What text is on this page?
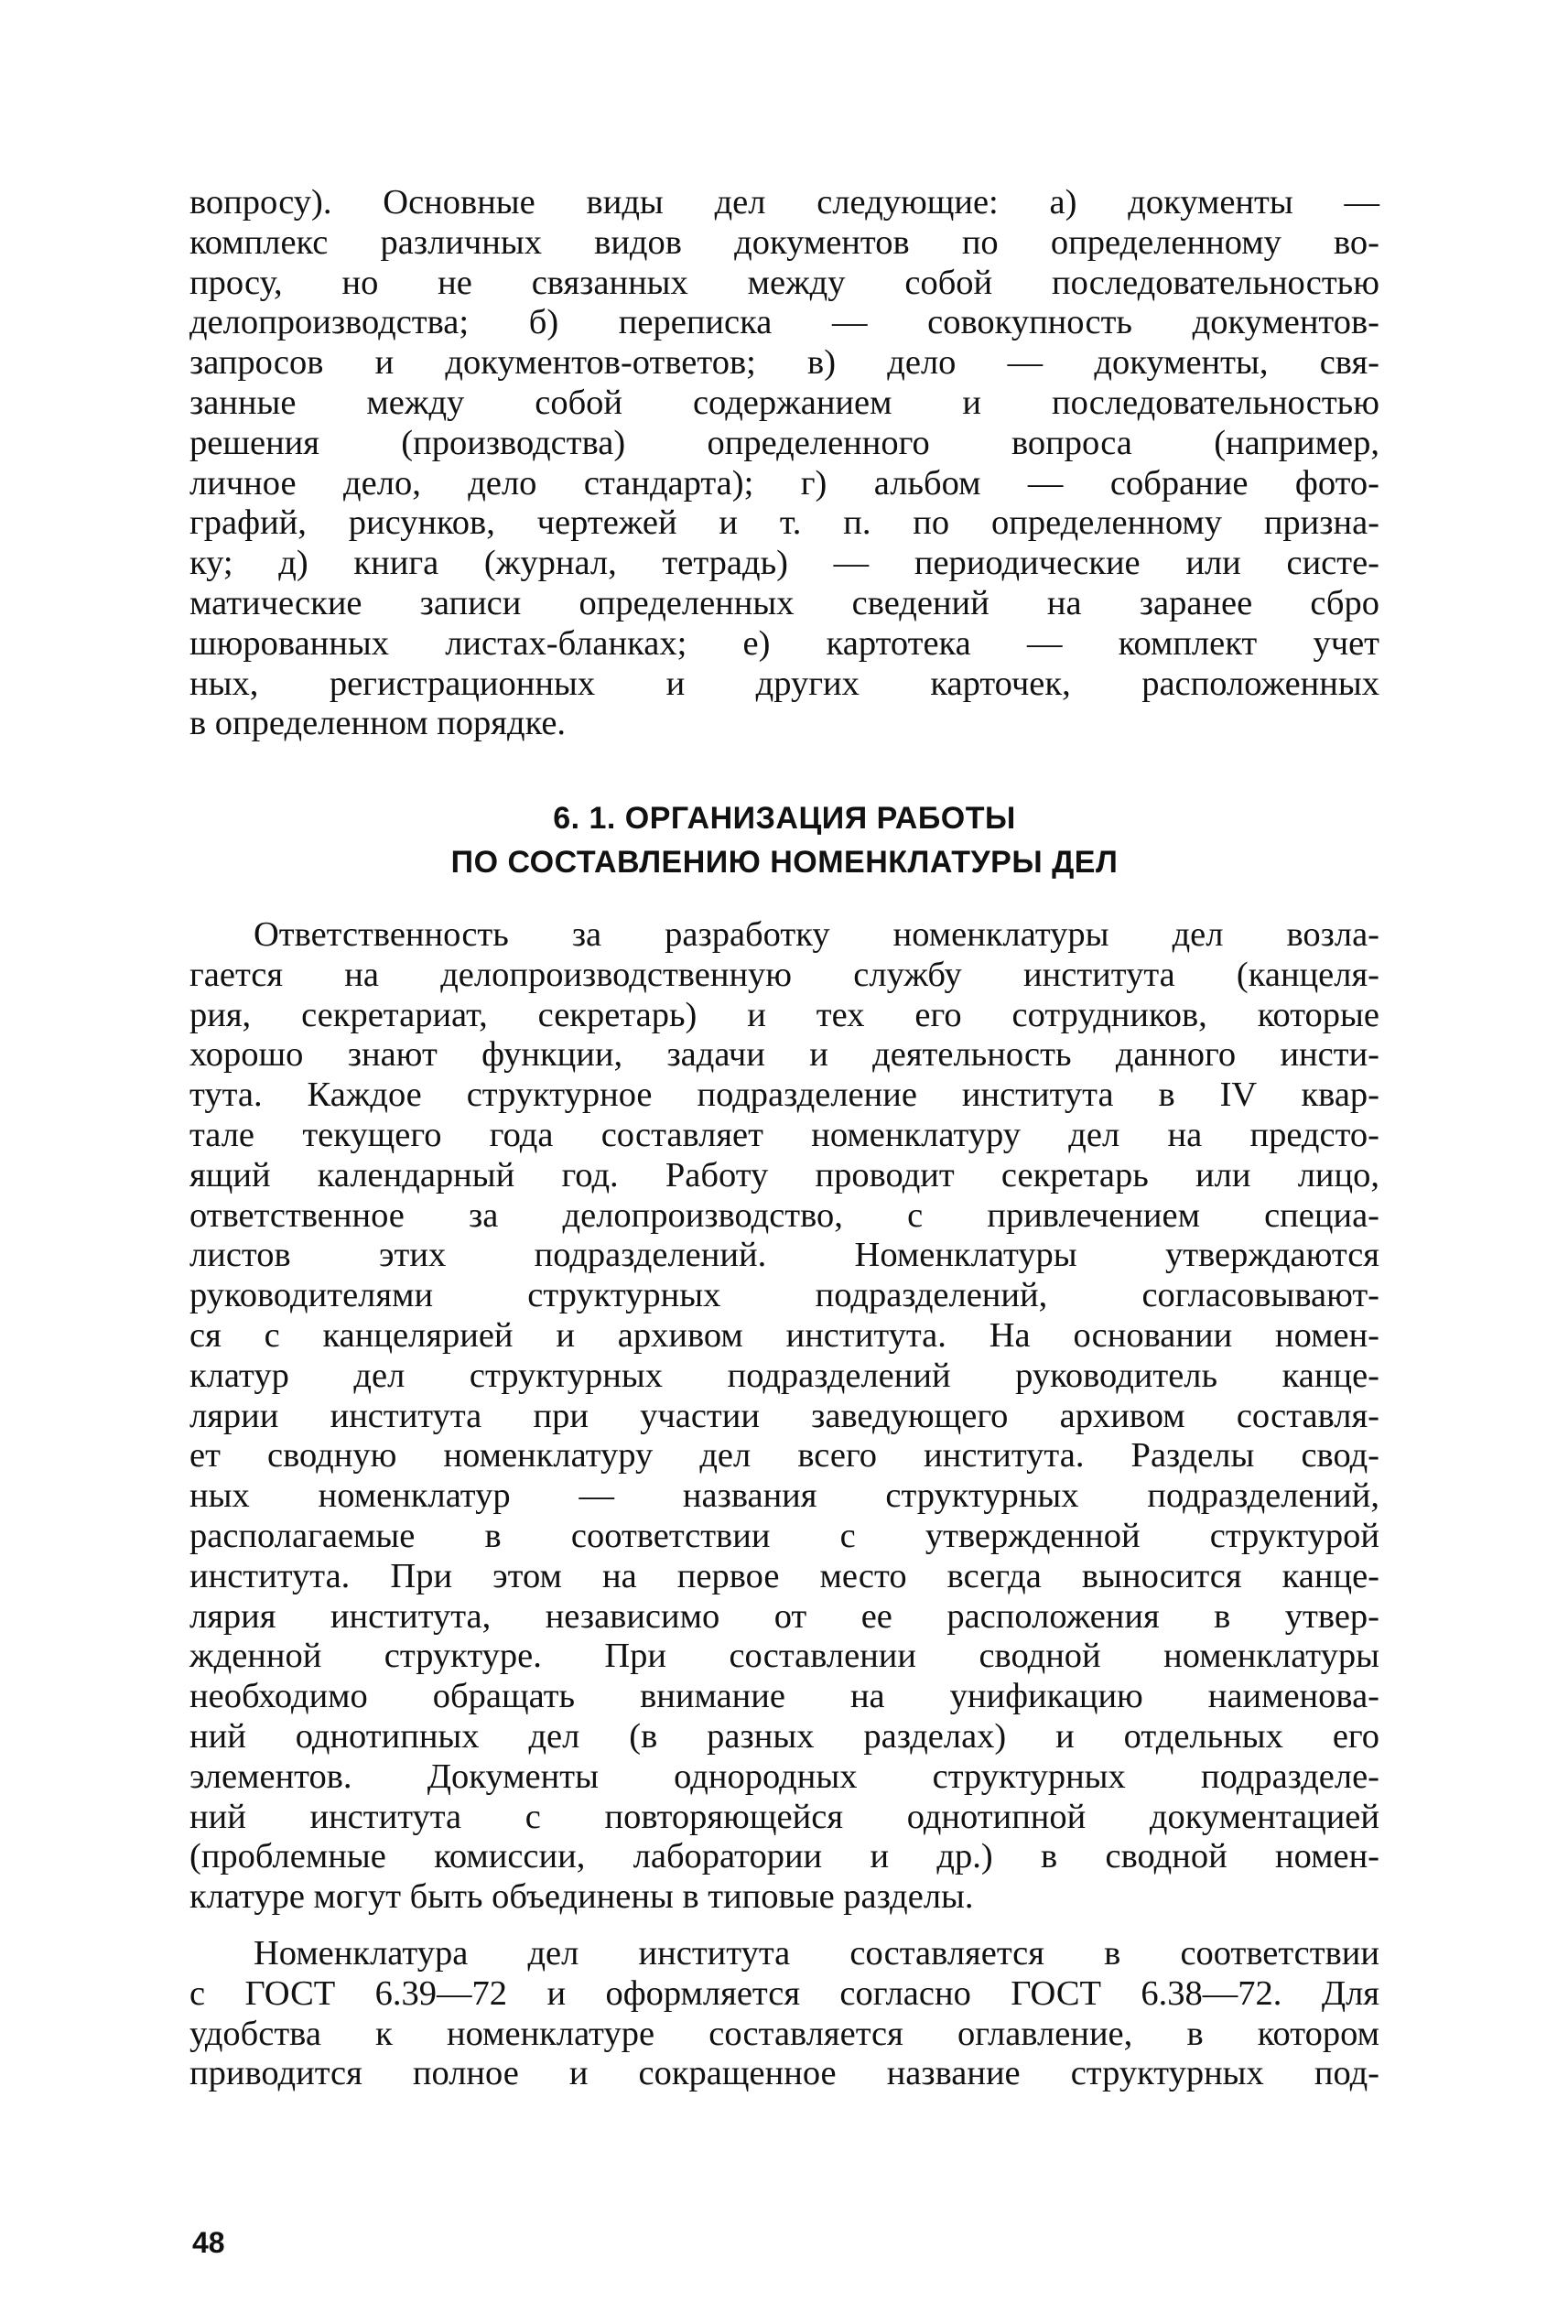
вопросу). Основные виды дел следующие: а) документы —
комплекс различных видов документов по определенному во-
просу, но не связанных между собой последовательностью
делопроизводства; б) переписка — совокупность документов-
запросов и документов-ответов; в) дело — документы, свя-
занные между собой содержанием и последовательностью
решения (производства) определенного вопроса (например,
личное дело, дело стандарта); г) альбом — собрание фото-
графий, рисунков, чертежей и т. п. по определенному призна-
ку; д) книга (журнал, тетрадь) — периодические или систе-
матические записи определенных сведений на заранее сбро
шюрованных листах-бланках; е) картотека — комплект учет
ных, регистрационных и других карточек, расположенных
в определенном порядке.

6. 1. ОРГАНИЗАЦИЯ РАБОТЫ

ПО СОСТАВЛЕНИЮ НОМЕНКЛАТУРЫ ДЕЛ

Ответственность за разработку номенклатуры дел возла-
гается на делопроизводственную службу института (канцеля-
рия, секретариат, секретарь) и тех его сотрудников, которые
хорошо знают функции, задачи и деятельность данного инсти-
тута. Каждое структурное подразделение института в IV квар-
тале текущего года составляет номенклатуру дел на предсто-
ящий календарный год. Работу проводит секретарь или лицо,
ответственное за делопроизводство, с привлечением специа-
листов этих подразделений. Номенклатуры утверждаются
руководителями структурных подразделений, согласовывают-
ся с канцелярией и архивом института. На основании номен-
клатур дел структурных подразделений руководитель канце-
лярии института при участии заведующего архивом составля-
ет сводную номенклатуру дел всего института. Разделы свод-
ных номенклатур — названия структурных подразделений,
располагаемые в соответствии с утвержденной структурой
института. При этом на первое место всегда выносится канце-
лярия института, независимо от ее расположения в утвер-
жденной структуре. При составлении сводной номенклатуры
необходимо обращать внимание на унификацию наименова-
ний однотипных дел (в разных разделах) и отдельных его
элементов. Документы однородных структурных подразделе-
ний института с повторяющейся однотипной документацией
(проблемные комиссии, лаборатории и др.) в сводной номен-
клатуре могут быть объединены в типовые разделы.

Номенклатура дел института составляется в соответствии
с ГОСТ 6.39—72 и оформляется согласно ГОСТ 6.38—72. Для
удобства к номенклатуре составляется оглавление, в котором
приводится полное и сокращенное название структурных под-

48
